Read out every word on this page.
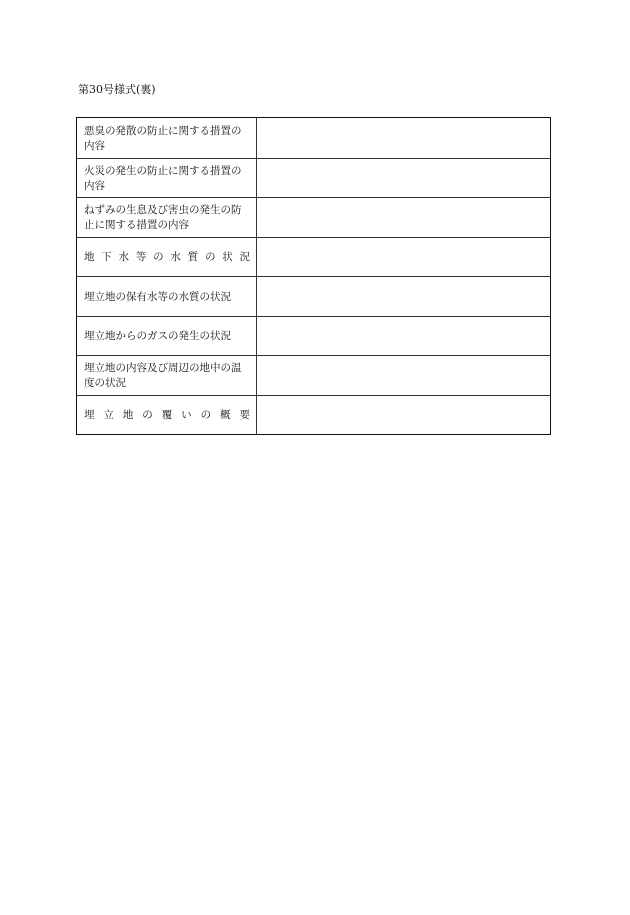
第30号様式(裏)
悪臭の発散の防止に関する措置の内容
火災の発生の防止に関する措置の内容
ねずみの生息及び害虫の発生の防止に関する措置の内容
地下水等の水質の状況
埋立地の保有水等の水質の状況
埋立地からのガスの発生の状況
埋立地の内容及び周辺の地中の温度の状況
埋立地の覆いの概要
